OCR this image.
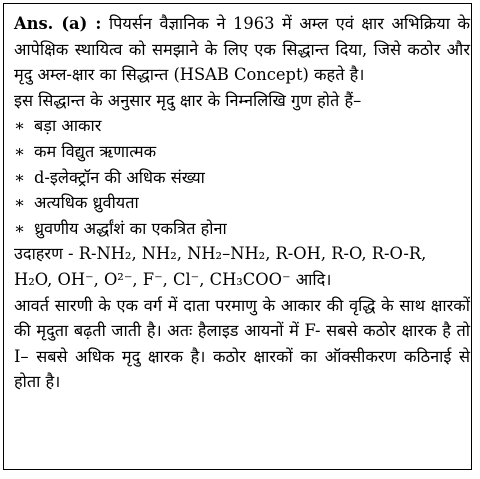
Ans. (a) : पियर्सन वैज्ञानिक ने 1963 में अम्ल एवं क्षार अभिक्रिया के आपेक्षिक स्थायित्व को समझाने के लिए एक सिद्धान्त दिया, जिसे कठोर और मृदु अम्ल-क्षार का सिद्धान्त (HSAB Concept) कहते है।
इस सिद्धान्त के अनुसार मृदु क्षार के निम्नलिखि गुण होते हैं–
∗ बड़ा आकार
∗ कम विद्युत ऋणात्मक
∗ d-इलेक्ट्रॉन की अधिक संख्या
∗ अत्यधिक ध्रुवीयता
∗ ध्रुवणीय अर्द्धांशं का एकत्रित होना
उदाहरण - R-NH₂, NH₂, NH₂–NH₂, R-OH, R-O, R-O-R,
H₂O, OH⁻, O²⁻, F⁻, Cl⁻, CH₃COO⁻ आदि।
आवर्त सारणी के एक वर्ग में दाता परमाणु के आकार की वृद्धि के साथ क्षारकों की मृदुता बढ़ती जाती है। अतः हैलाइड आयनों में F- सबसे कठोर क्षारक है तो I– सबसे अधिक मृदु क्षारक है। कठोर क्षारकों का ऑक्सीकरण कठिनाई से होता है।
